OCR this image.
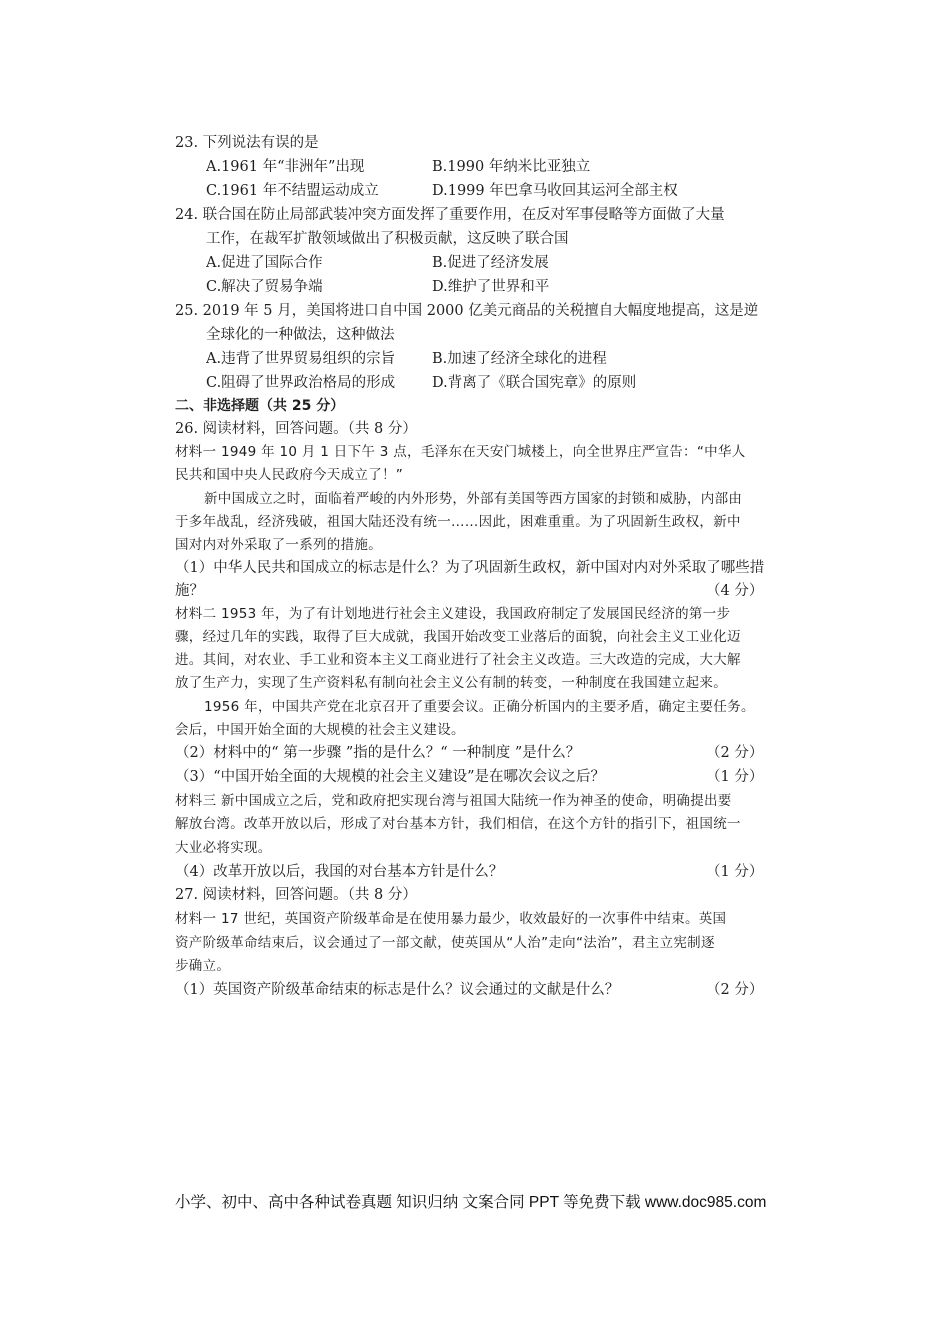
23. 下列说法有误的是
A.1961 年“非洲年”出现	B.1990 年纳米比亚独立
C.1961 年不结盟运动成立	D.1999 年巴拿马收回其运河全部主权
24. 联合国在防止局部武装冲突方面发挥了重要作用，在反对军事侵略等方面做了大量
工作，在裁军扩散领域做出了积极贡献，这反映了联合国
A.促进了国际合作	B.促进了经济发展
C.解决了贸易争端	D.维护了世界和平
25. 2019 年 5 月，美国将进口自中国 2000 亿美元商品的关税擅自大幅度地提高，这是逆
全球化的一种做法，这种做法
A.违背了世界贸易组织的宗旨	B.加速了经济全球化的进程
C.阻碍了世界政治格局的形成	D.背离了《联合国宪章》的原则
二、非选择题（共 25 分）
26. 阅读材料，回答问题。（共 8 分）
材料一 1949 年 10 月 1 日下午 3 点，毛泽东在天安门城楼上，向全世界庄严宣告：“中华人
民共和国中央人民政府今天成立了！”
新中国成立之时，面临着严峻的内外形势，外部有美国等西方国家的封锁和威胁，内部由
于多年战乱，经济残破，祖国大陆还没有统一……因此，困难重重。为了巩固新生政权，新中
国对内对外采取了一系列的措施。
（1）中华人民共和国成立的标志是什么？为了巩固新生政权，新中国对内对外采取了哪些措
施？	（4 分）
材料二 1953 年，为了有计划地进行社会主义建设，我国政府制定了发展国民经济的第一步
骤，经过几年的实践，取得了巨大成就，我国开始改变工业落后的面貌，向社会主义工业化迈
进。其间，对农业、手工业和资本主义工商业进行了社会主义改造。三大改造的完成，大大解
放了生产力，实现了生产资料私有制向社会主义公有制的转变，一种制度在我国建立起来。
1956 年，中国共产党在北京召开了重要会议。正确分析国内的主要矛盾，确定主要任务。
会后，中国开始全面的大规模的社会主义建设。
（2）材料中的“ 第一步骤 ”指的是什么？“ 一种制度 ”是什么？	（2 分）
（3）“中国开始全面的大规模的社会主义建设”是在哪次会议之后？	（1 分）
材料三 新中国成立之后，党和政府把实现台湾与祖国大陆统一作为神圣的使命，明确提出要
解放台湾。改革开放以后，形成了对台基本方针，我们相信，在这个方针的指引下，祖国统一
大业必将实现。
（4）改革开放以后，我国的对台基本方针是什么？	（1 分）
27. 阅读材料，回答问题。（共 8 分）
材料一 17 世纪，英国资产阶级革命是在使用暴力最少，收效最好的一次事件中结束。英国
资产阶级革命结束后，议会通过了一部文献，使英国从“人治”走向“法治”，君主立宪制逐
步确立。
（1）英国资产阶级革命结束的标志是什么？议会通过的文献是什么？	（2 分）
小学、初中、高中各种试卷真题 知识归纳 文案合同 PPT 等免费下载 www.doc985.com
